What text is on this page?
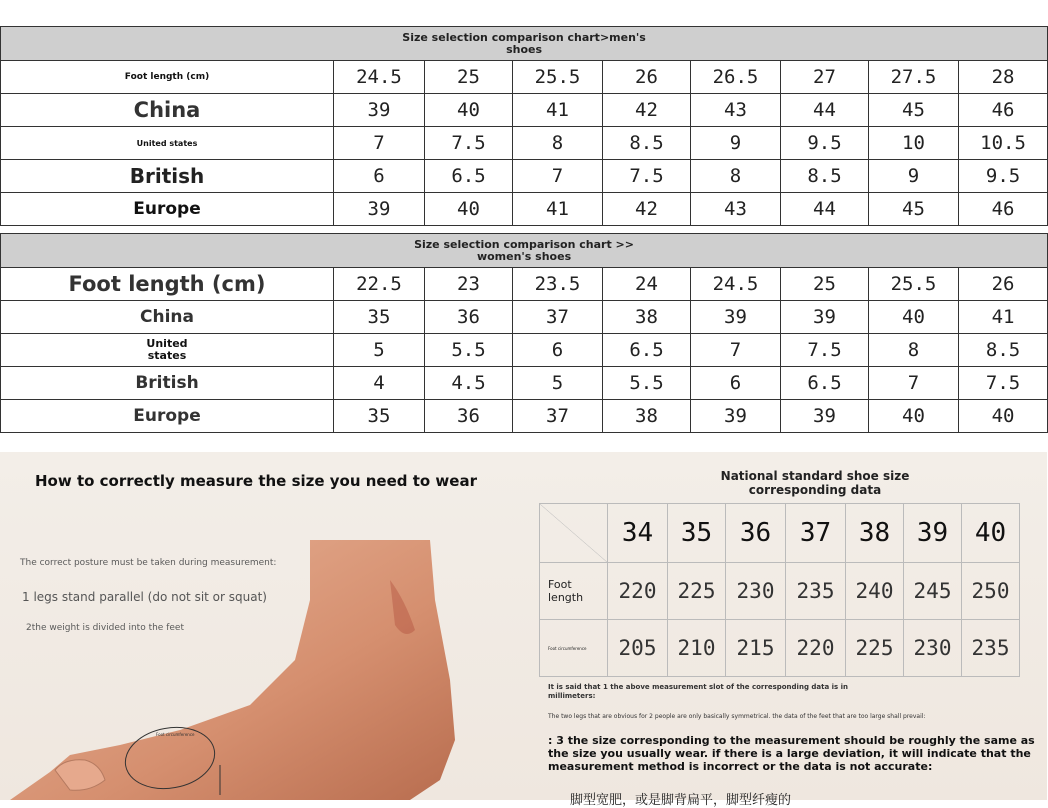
Size selection comparison chart>men's shoes								

Foot length (cm)	24.5	25	25.5	26	26.5	27	27.5	28
China	39	40	41	42	43	44	45	46
United states	7	7.5	8	8.5	9	9.5	10	10.5
British	6	6.5	7	7.5	8	8.5	9	9.5
Europe	39	40	41	42	43	44	45	46
Size selection comparison chart >> women's shoes								

Foot length (cm)	22.5	23	23.5	24	24.5	25	25.5	26
China	35	36	37	38	39	39	40	41

United states	5	5.5	6	6.5	7	7.5	8	8.5
British	4	4.5	5	5.5	6	6.5	7	7.5
Europe	35	36	37	38	39	39	40	40
How to correctly measure the size you need to wear
The correct posture must be taken during measurement:
1 legs stand parallel (do not sit or squat)
2the weight is divided into the feet
Foot circumference
National standard shoe size corresponding data
	34	35	36	37	38	39	40

Foot length	220	225	230	235	240	245	250
Foot circumference	205	210	215	220	225	230	235
It is said that 1 the above measurement slot of the corresponding data is in millimeters:
The two legs that are obvious for 2 people are only basically symmetrical. the data of the feet that are too large shall prevail:
: 3 the size corresponding to the measurement should be roughly the same as the size you usually wear. if there is a large deviation, it will indicate that the measurement method is incorrect or the data is not accurate:
脚型宽肥，或是脚背扁平，脚型纤瘦的
